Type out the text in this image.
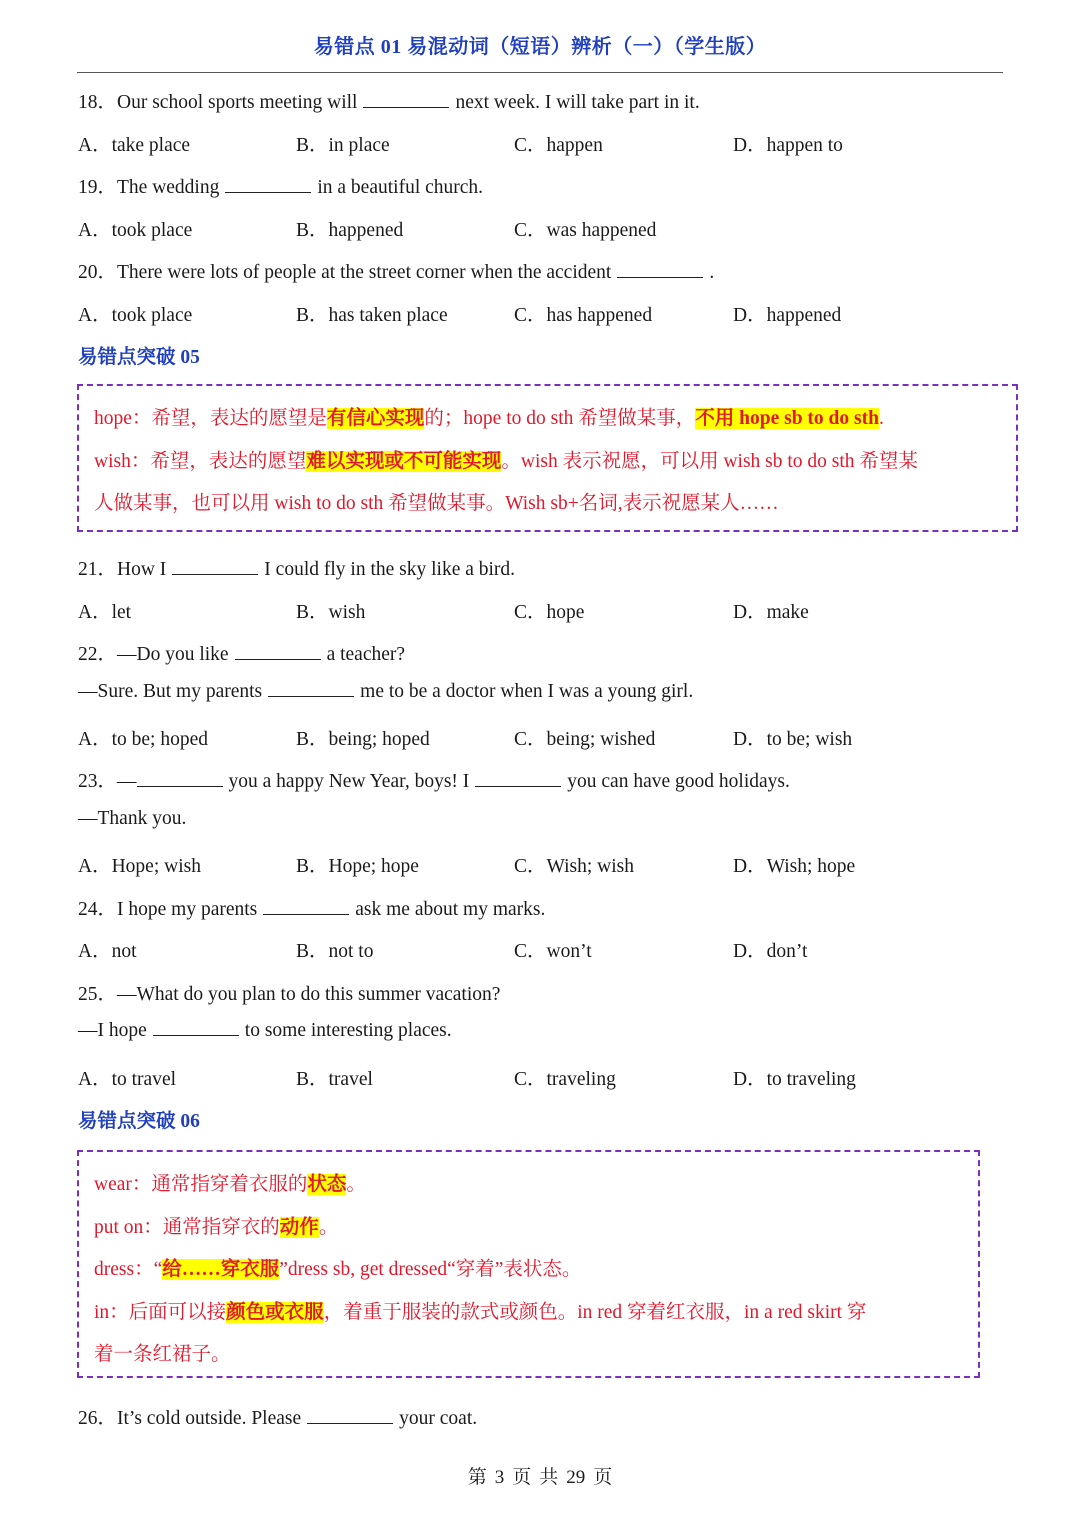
易错点 01 易混动词（短语）辨析（一）（学生版）
18．Our school sports meeting will	next week. I will take part in it.
A．take place	B．in place	C．happen	D．happen to
19．The wedding	in a beautiful church.
A．took place	B．happened	C．was happened
20．There were lots of people at the street corner when the accident	.
A．took place	B．has taken place	C．has happened	D．happened
易错点突破 05
hope：希望，表达的愿望是有信心实现的；hope to do sth 希望做某事，不用 hope sb to do sth.
wish：希望，表达的愿望难以实现或不可能实现。wish 表示祝愿，可以用 wish sb to do sth 希望某
人做某事，也可以用 wish to do sth 希望做某事。Wish sb+名词,表示祝愿某人……
21．How I	I could fly in the sky like a bird.
A．let	B．wish	C．hope	D．make
22．—Do you like	a teacher?
—Sure. But my parents	me to be a doctor when I was a young girl.
A．to be; hoped	B．being; hoped	C．being; wished	D．to be; wish
23．—	you a happy New Year, boys! I	you can have good holidays.
—Thank you.
A．Hope; wish	B．Hope; hope	C．Wish; wish	D．Wish; hope
24．I hope my parents	ask me about my marks.
A．not	B．not to	C．won’t	D．don’t
25．—What do you plan to do this summer vacation?
—I hope	to some interesting places.
A．to travel	B．travel	C．traveling	D．to traveling
易错点突破 06
wear：通常指穿着衣服的状态。
put on：通常指穿衣的动作。
dress：“给……穿衣服”dress sb, get dressed“穿着”表状态。
in：后面可以接颜色或衣服，着重于服装的款式或颜色。in red 穿着红衣服，in a red skirt 穿
着一条红裙子。
26．It’s cold outside. Please	your coat.
第 3 页 共 29 页
